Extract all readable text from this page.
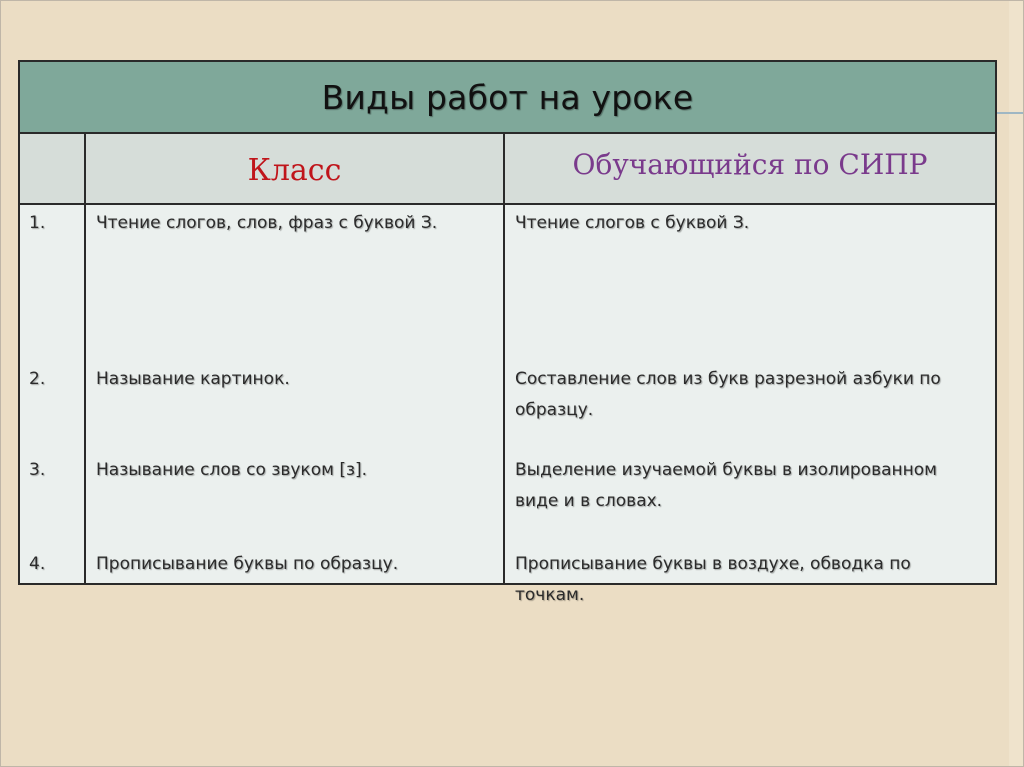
Виды работ на уроке
Класс	Обучающийся по СИПР
1.
2.
3.
4.
Чтение слогов, слов, фраз с буквой З.
Называние картинок.
Называние слов со звуком [з].
Прописывание буквы по образцу.
Чтение слогов с буквой З.
Составление слов из букв разрезной азбуки по образцу.
Выделение изучаемой буквы в изолированном виде и в словах.
Прописывание буквы в воздухе, обводка по точкам.
